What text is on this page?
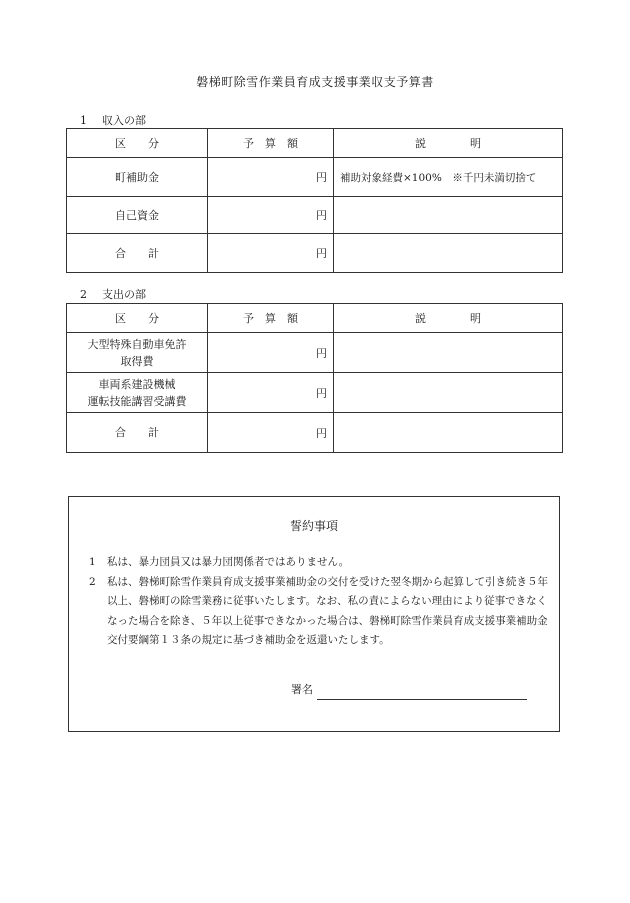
磐梯町除雪作業員育成支援事業収支予算書
1 収入の部
区　　分	予　算　額	説　　　　明
町補助金	円	補助対象経費×100%　※千円未満切捨て
自己資金	円	
合　　計	円	
2 支出の部
区　　分	予　算　額	説　　　　明

大型特殊自動車免許
取得費	円	

車両系建設機械
運転技能講習受講費	円	
合　　計	円	
誓約事項
1	私は、暴力団員又は暴力団関係者ではありません。
2	私は、磐梯町除雪作業員育成支援事業補助金の交付を受けた翌冬期から起算して引き続き５年以上、磐梯町の除雪業務に従事いたします。なお、私の責によらない理由により従事できなくなった場合を除き、５年以上従事できなかった場合は、磐梯町除雪作業員育成支援事業補助金交付要綱第１３条の規定に基づき補助金を返還いたします。
署名
